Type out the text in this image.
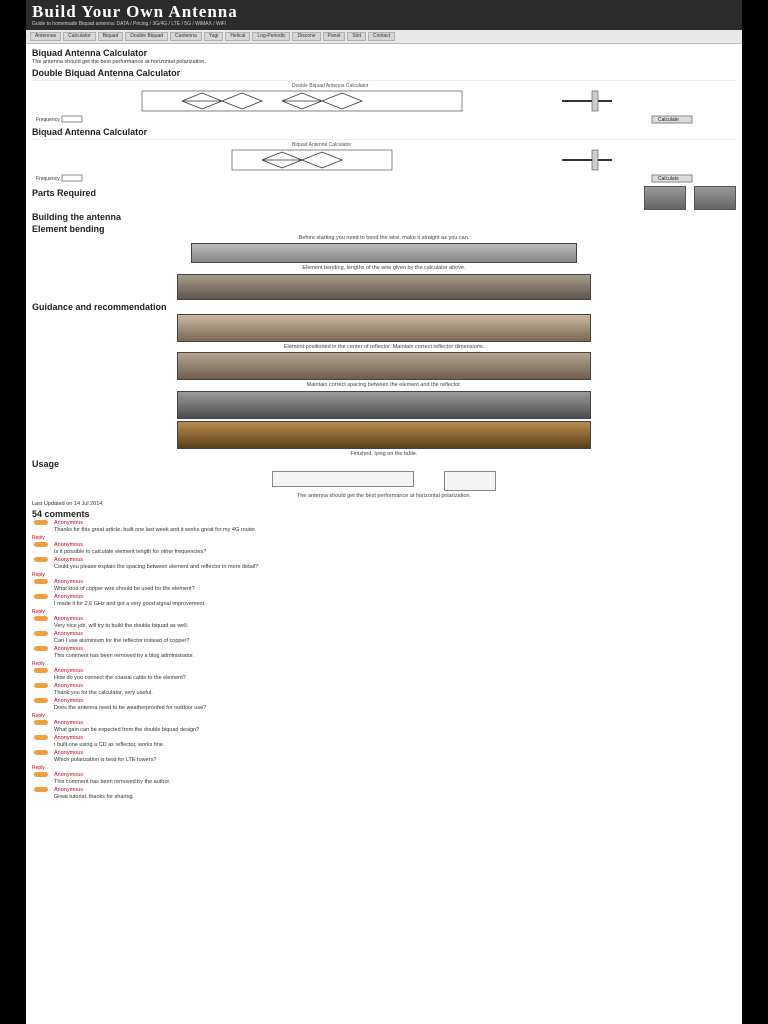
Build Your Own Antenna
Guide to homemade Biquad antenna: DATA / Pricing / 3G/4G / LTE / 5G / WiMAX / WiFi
Antennas	Calculator	Biquad	Double Biquad	Cantenna	Yagi	Helical	Log-Periodic	Discone	Panel	Slot	Contact
Biquad Antenna Calculator

The antenna should get the best performance at horizontal polarization.

Double Biquad Antenna Calculator
Double Biquad Antenna Calculator
Frequency	Calculate
Biquad Antenna Calculator
Biquad Antenna Calculator
Frequency	Calculate
Parts Required
Building the antenna
Element bending
Before starting you need to bend the wire, make it straight as you can.
Element bending, lengths of the wire given by the calculator above.
Guidance and recommendation
Element positioned in the center of reflector. Maintain correct reflector dimensions.
Maintain correct spacing between the element and the reflector.
Finished, lying on the table.
Usage
The antenna should get the best performance at horizontal polarization.

Last Updated on 14 Jul 2014

54 comments
Anonymous
Thanks for this great article, built one last week and it works great for my 4G router.
Reply
Anonymous
Is it possible to calculate element length for other frequencies?
Anonymous
Could you please explain the spacing between element and reflector in more detail?
Reply
Anonymous
What kind of copper wire should be used for the element?
Anonymous
I made it for 2.6 GHz and got a very good signal improvement.
Reply
Anonymous
Very nice job, will try to build the double biquad as well.
Anonymous
Can I use aluminium for the reflector instead of copper?
Anonymous
This comment has been removed by a blog administrator.
Reply
Anonymous
How do you connect the coaxial cable to the element?
Anonymous
Thank you for the calculator, very useful.
Anonymous
Does the antenna need to be weatherproofed for outdoor use?
Reply
Anonymous
What gain can be expected from the double biquad design?
Anonymous
I built one using a CD as reflector, works fine.
Anonymous
Which polarization is best for LTE towers?
Reply
Anonymous
This comment has been removed by the author.
Anonymous
Great tutorial, thanks for sharing.
